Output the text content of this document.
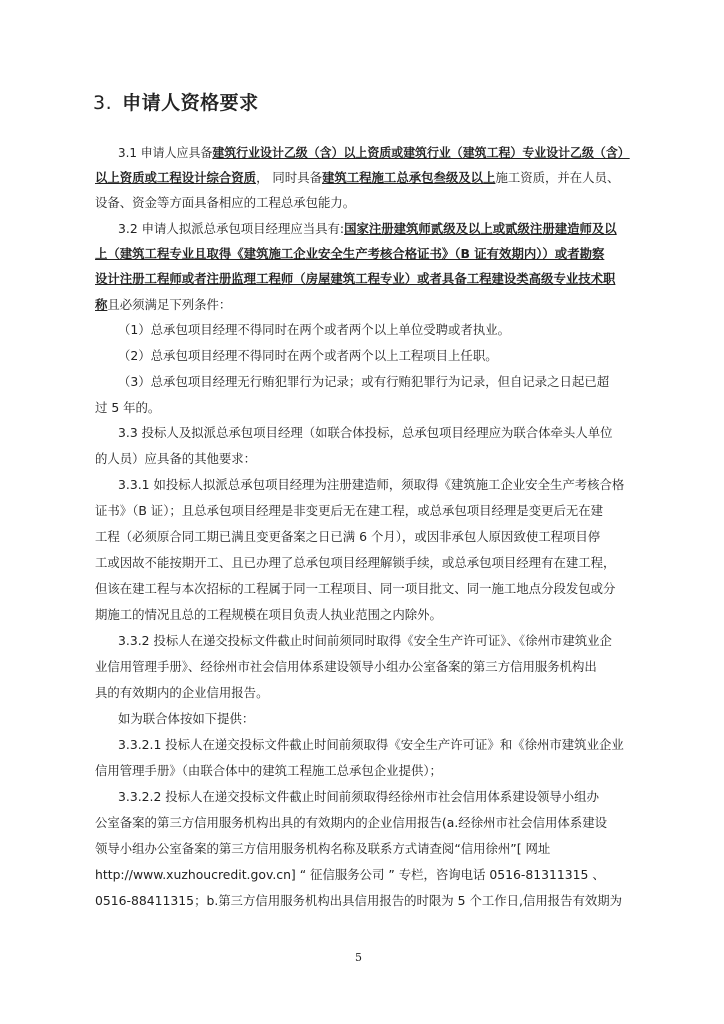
3. 申请人资格要求
3.1 申请人应具备建筑行业设计乙级（含）以上资质或建筑行业（建筑工程）专业设计乙级（含）
以上资质或工程设计综合资质， 同时具备建筑工程施工总承包叁级及以上施工资质，并在人员、
设备、资金等方面具备相应的工程总承包能力。
3.2 申请人拟派总承包项目经理应当具有:国家注册建筑师贰级及以上或贰级注册建造师及以
上（建筑工程专业且取得《建筑施工企业安全生产考核合格证书》（B 证有效期内））或者勘察
设计注册工程师或者注册监理工程师（房屋建筑工程专业）或者具备工程建设类高级专业技术职
称且必须满足下列条件：
（1）总承包项目经理不得同时在两个或者两个以上单位受聘或者执业。
（2）总承包项目经理不得同时在两个或者两个以上工程项目上任职。
（3）总承包项目经理无行贿犯罪行为记录；或有行贿犯罪行为记录，但自记录之日起已超
过 5 年的。
3.3 投标人及拟派总承包项目经理（如联合体投标，总承包项目经理应为联合体牵头人单位
的人员）应具备的其他要求：
3.3.1 如投标人拟派总承包项目经理为注册建造师，须取得《建筑施工企业安全生产考核合格
证书》（B 证）；且总承包项目经理是非变更后无在建工程，或总承包项目经理是变更后无在建
工程（必须原合同工期已满且变更备案之日已满 6 个月），或因非承包人原因致使工程项目停
工或因故不能按期开工、且已办理了总承包项目经理解锁手续，或总承包项目经理有在建工程，
但该在建工程与本次招标的工程属于同一工程项目、同一项目批文、同一施工地点分段发包或分
期施工的情况且总的工程规模在项目负责人执业范围之内除外。
3.3.2 投标人在递交投标文件截止时间前须同时取得《安全生产许可证》、《徐州市建筑业企
业信用管理手册》、经徐州市社会信用体系建设领导小组办公室备案的第三方信用服务机构出
具的有效期内的企业信用报告。
如为联合体按如下提供：
3.3.2.1 投标人在递交投标文件截止时间前须取得《安全生产许可证》和《徐州市建筑业企业
信用管理手册》（由联合体中的建筑工程施工总承包企业提供）；
3.3.2.2 投标人在递交投标文件截止时间前须取得经徐州市社会信用体系建设领导小组办
公室备案的第三方信用服务机构出具的有效期内的企业信用报告(a.经徐州市社会信用体系建设
领导小组办公室备案的第三方信用服务机构名称及联系方式请查阅“信用徐州”[ 网址
http://www.xuzhoucredit.gov.cn] “ 征信服务公司 ” 专栏，咨询电话 0516-81311315 、
0516-88411315；b.第三方信用服务机构出具信用报告的时限为 5 个工作日,信用报告有效期为
5
